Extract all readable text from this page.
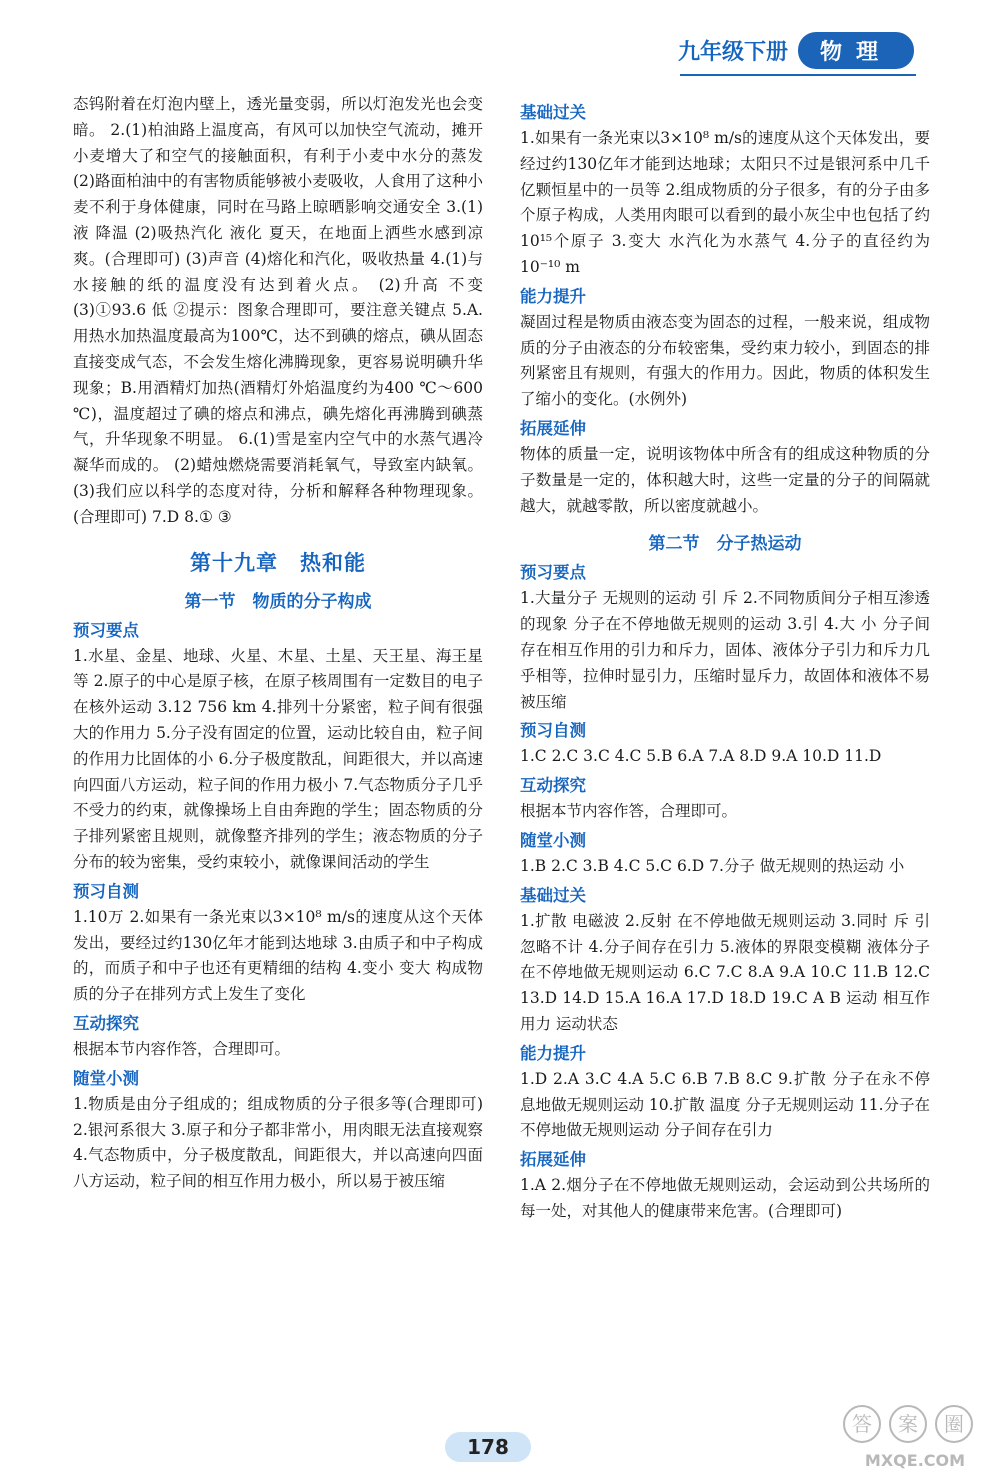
九年级下册	物理

态钨附着在灯泡内壁上，透光量变弱，所以灯泡发光也会变暗。 2.(1)柏油路上温度高，有风可以加快空气流动，摊开小麦增大了和空气的接触面积，有利于小麦中水分的蒸发 (2)路面柏油中的有害物质能够被小麦吸收，人食用了这种小麦不利于身体健康，同时在马路上晾晒影响交通安全 3.(1)液 降温 (2)吸热汽化 液化 夏天，在地面上洒些水感到凉爽。(合理即可) (3)声音 (4)熔化和汽化，吸收热量 4.(1)与水接触的纸的温度没有达到着火点。 (2)升高 不变 (3)①93.6 低 ②提示：图象合理即可，要注意关键点 5.A.用热水加热温度最高为100℃，达不到碘的熔点，碘从固态直接变成气态，不会发生熔化沸腾现象，更容易说明碘升华现象；B.用酒精灯加热(酒精灯外焰温度约为400 ℃～600 ℃)，温度超过了碘的熔点和沸点，碘先熔化再沸腾到碘蒸气，升华现象不明显。 6.(1)雪是室内空气中的水蒸气遇冷凝华而成的。 (2)蜡烛燃烧需要消耗氧气，导致室内缺氧。(3)我们应以科学的态度对待，分析和解释各种物理现象。(合理即可) 7.D 8.① ③

第十九章　热和能
第一节　物质的分子构成
预习要点

1.水星、金星、地球、火星、木星、土星、天王星、海王星等 2.原子的中心是原子核，在原子核周围有一定数目的电子在核外运动 3.12 756 km 4.排列十分紧密，粒子间有很强大的作用力 5.分子没有固定的位置，运动比较自由，粒子间的作用力比固体的小 6.分子极度散乱，间距很大，并以高速向四面八方运动，粒子间的作用力极小 7.气态物质分子几乎不受力的约束，就像操场上自由奔跑的学生；固态物质的分子排列紧密且规则，就像整齐排列的学生；液态物质的分子分布的较为密集，受约束较小，就像课间活动的学生

预习自测

1.10万 2.如果有一条光束以3×10⁸ m/s的速度从这个天体发出，要经过约130亿年才能到达地球 3.由质子和中子构成的，而质子和中子也还有更精细的结构 4.变小 变大 构成物质的分子在排列方式上发生了变化

互动探究

根据本节内容作答，合理即可。

随堂小测

1.物质是由分子组成的；组成物质的分子很多等(合理即可) 2.银河系很大 3.原子和分子都非常小，用肉眼无法直接观察 4.气态物质中，分子极度散乱，间距很大，并以高速向四面八方运动，粒子间的相互作用力极小，所以易于被压缩

基础过关

1.如果有一条光束以3×10⁸ m/s的速度从这个天体发出，要经过约130亿年才能到达地球；太阳只不过是银河系中几千亿颗恒星中的一员等 2.组成物质的分子很多，有的分子由多个原子构成，人类用肉眼可以看到的最小灰尘中也包括了约10¹⁵个原子 3.变大 水汽化为水蒸气 4.分子的直径约为10⁻¹⁰ m

能力提升

凝固过程是物质由液态变为固态的过程，一般来说，组成物质的分子由液态的分布较密集，受约束力较小，到固态的排列紧密且有规则，有强大的作用力。因此，物质的体积发生了缩小的变化。(水例外)

拓展延伸

物体的质量一定，说明该物体中所含有的组成这种物质的分子数量是一定的，体积越大时，这些一定量的分子的间隔就越大，就越零散，所以密度就越小。

第二节　分子热运动
预习要点

1.大量分子 无规则的运动 引 斥 2.不同物质间分子相互渗透的现象 分子在不停地做无规则的运动 3.引 4.大 小 分子间存在相互作用的引力和斥力，固体、液体分子引力和斥力几乎相等，拉伸时显引力，压缩时显斥力，故固体和液体不易被压缩

预习自测

1.C 2.C 3.C 4.C 5.B 6.A 7.A 8.D 9.A 10.D 11.D

互动探究

根据本节内容作答，合理即可。

随堂小测

1.B 2.C 3.B 4.C 5.C 6.D 7.分子 做无规则的热运动 小

基础过关

1.扩散 电磁波 2.反射 在不停地做无规则运动 3.同时 斥 引 忽略不计 4.分子间存在引力 5.液体的界限变模糊 液体分子在不停地做无规则运动 6.C 7.C 8.A 9.A 10.C 11.B 12.C 13.D 14.D 15.A 16.A 17.D 18.D 19.C A B 运动 相互作用力 运动状态

能力提升

1.D 2.A 3.C 4.A 5.C 6.B 7.B 8.C 9.扩散 分子在永不停息地做无规则运动 10.扩散 温度 分子无规则运动 11.分子在不停地做无规则运动 分子间存在引力

拓展延伸

1.A 2.烟分子在不停地做无规则运动，会运动到公共场所的每一处，对其他人的健康带来危害。(合理即可)

178
答 案 圈
MXQE.COM
